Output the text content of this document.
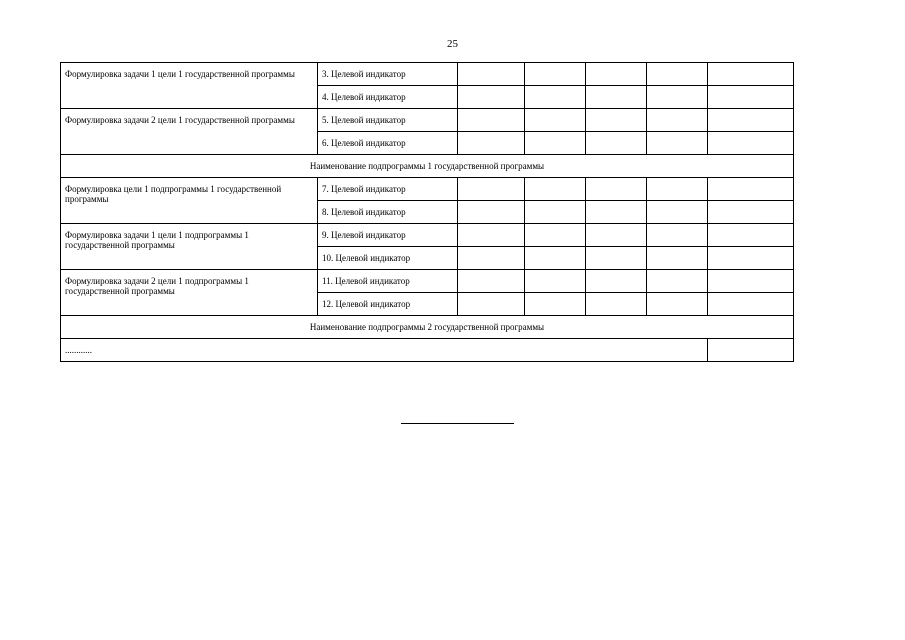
25
Формулировка задачи 1 цели 1 государственной программы	3. Целевой индикатор					
	4. Целевой индикатор					
Формулировка задачи 2 цели 1 государственной программы	5. Целевой индикатор					
	6. Целевой индикатор					
Наименование подпрограммы 1 государственной программы						
Формулировка цели 1 подпрограммы 1 государственной программы	7. Целевой индикатор					
	8. Целевой индикатор					
Формулировка задачи 1 цели 1 подпрограммы 1 государственной программы	9. Целевой индикатор					
	10. Целевой индикатор					
Формулировка задачи 2 цели 1 подпрограммы 1 государственной программы	11. Целевой индикатор					
	12. Целевой индикатор					
Наименование подпрограммы 2 государственной программы						
............						
